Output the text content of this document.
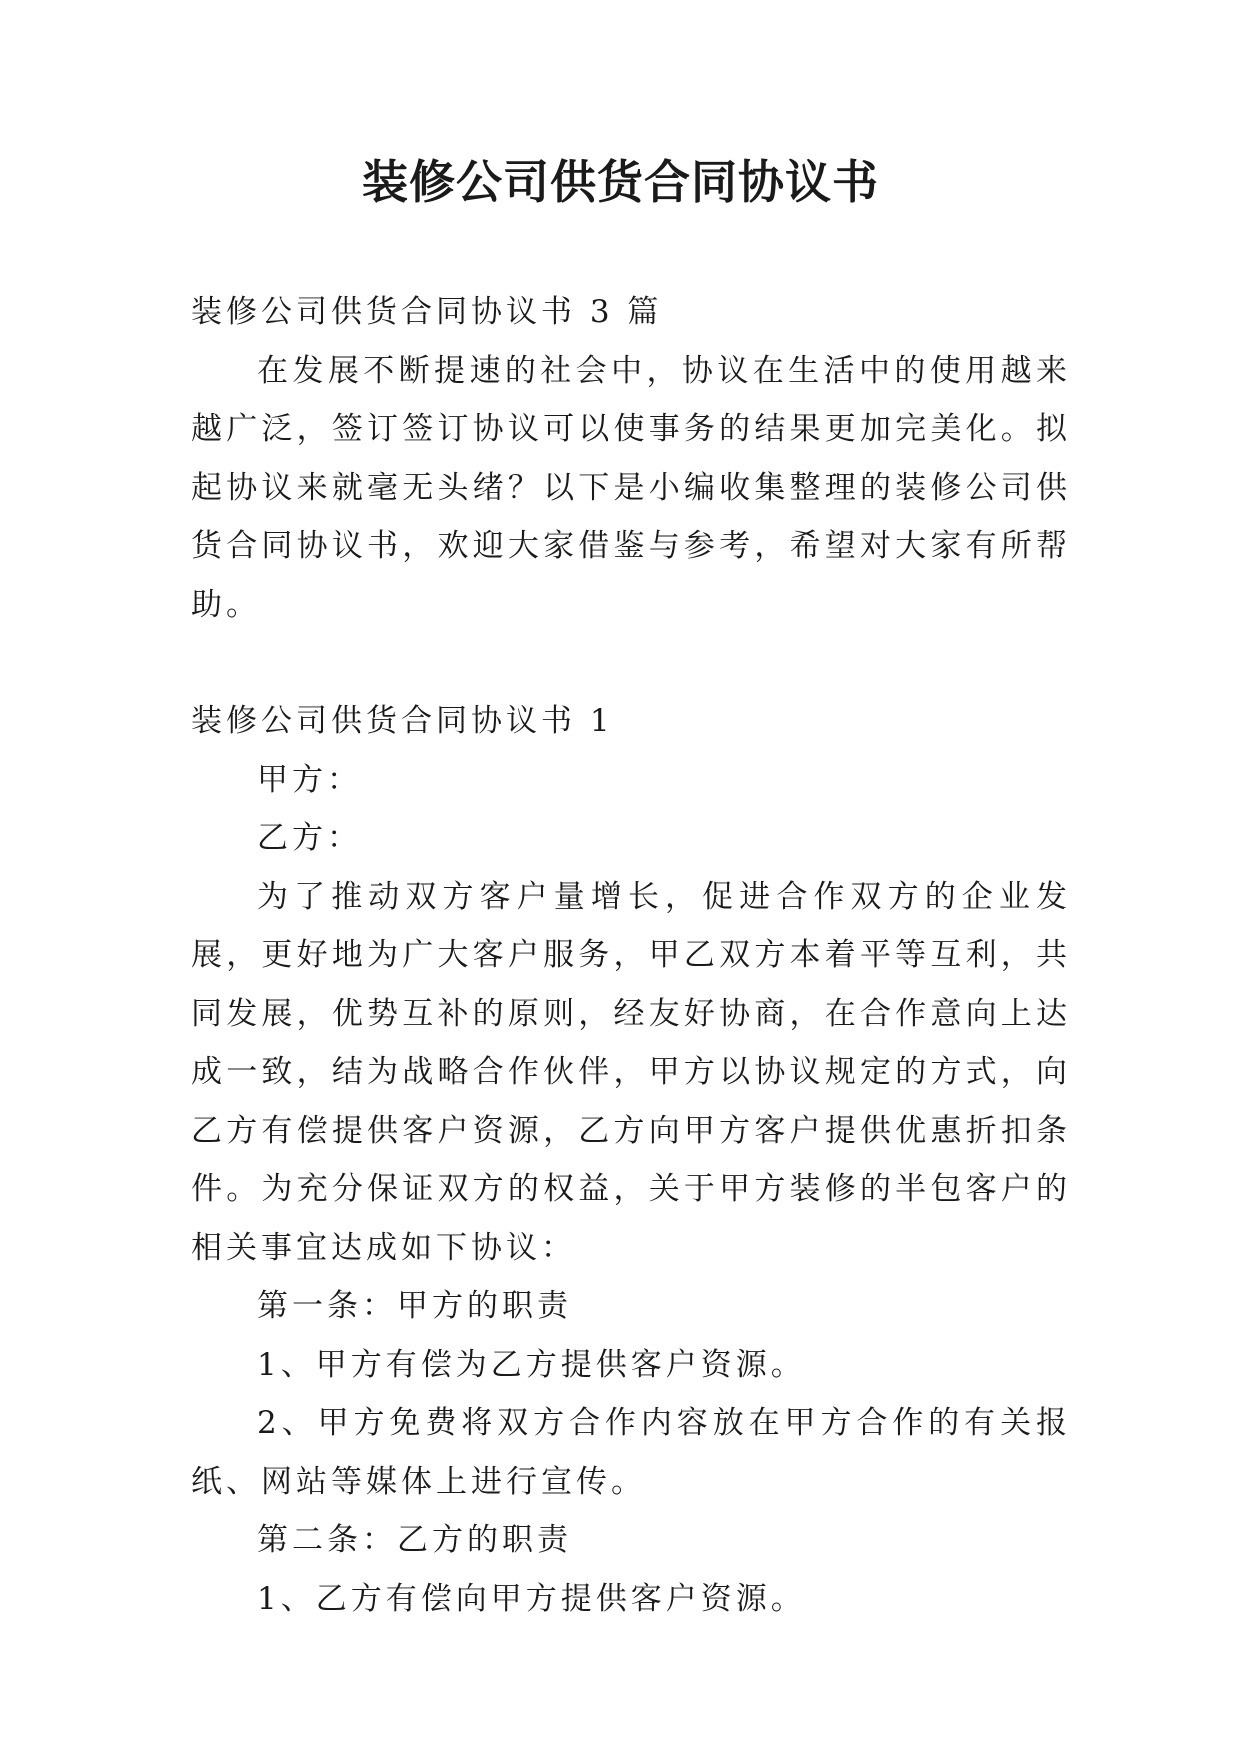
装修公司供货合同协议书

装修公司供货合同协议书 3 篇

在发展不断提速的社会中，协议在生活中的使用越来越广泛，签订签订协议可以使事务的结果更加完美化。拟起协议来就毫无头绪？以下是小编收集整理的装修公司供货合同协议书，欢迎大家借鉴与参考，希望对大家有所帮助。

装修公司供货合同协议书 1

甲方：

乙方：

为了推动双方客户量增长，促进合作双方的企业发展，更好地为广大客户服务，甲乙双方本着平等互利，共同发展，优势互补的原则，经友好协商，在合作意向上达成一致，结为战略合作伙伴，甲方以协议规定的方式，向乙方有偿提供客户资源，乙方向甲方客户提供优惠折扣条件。为充分保证双方的权益，关于甲方装修的半包客户的相关事宜达成如下协议：

第一条：甲方的职责

1、甲方有偿为乙方提供客户资源。

2、甲方免费将双方合作内容放在甲方合作的有关报纸、网站等媒体上进行宣传。

第二条：乙方的职责

1、乙方有偿向甲方提供客户资源。
